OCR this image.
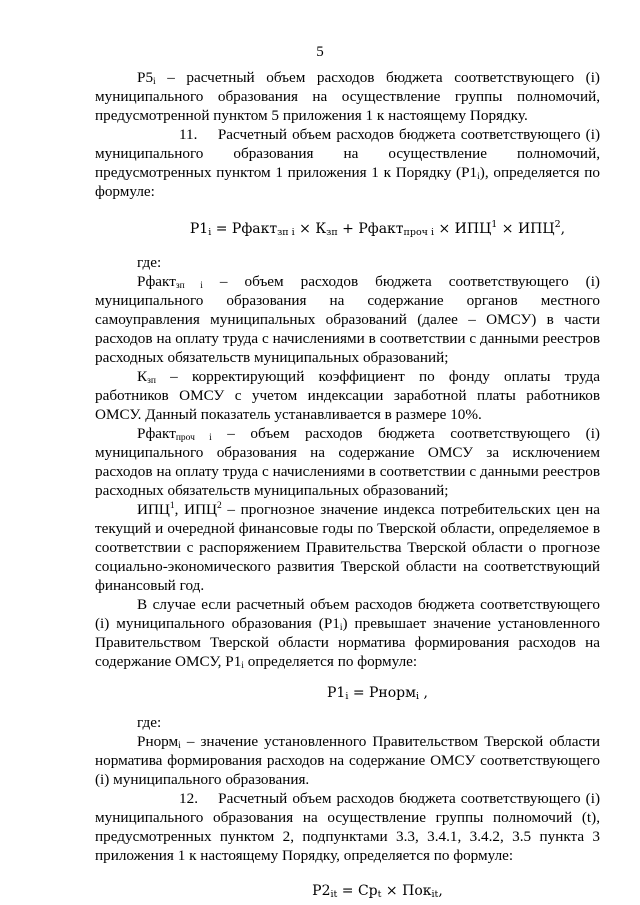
5

$Р5_i$ – расчетный объем расходов бюджета соответствующего (i) муниципального образования на осуществление группы полномочий, предусмотренной пунктом 5 приложения 1 к настоящему Порядку.

11. Расчетный объем расходов бюджета соответствующего (i) муниципального образования на осуществление полномочий, предусмотренных пунктом 1 приложения 1 к Порядку $(Р1_i)$, определяется по формуле:

$Р1_i$ = Рфакт$_{зп i}$ × $К_{зп}$ + Рфакт$_{проч i}$ × $ИПЦ^1 \times ИПЦ^2$,

где:

Рфакт$_{зп i}$ – объем расходов бюджета соответствующего (i) муниципального образования на содержание органов местного самоуправления муниципальных образований (далее – ОМСУ) в части расходов на оплату труда с начислениями в соответствии с данными реестров расходных обязательств муниципальных образований;

$К_{зп}$ – корректирующий коэффициент по фонду оплаты труда работников ОМСУ с учетом индексации заработной платы работников ОМСУ. Данный показатель устанавливается в размере 10%.

Рфакт$_{проч i}$ – объем расходов бюджета соответствующего (i) муниципального образования на содержание ОМСУ за исключением расходов на оплату труда с начислениями в соответствии с данными реестров расходных обязательств муниципальных образований;

ИПЦ$^1$, ИПЦ$^2$ – прогнозное значение индекса потребительских цен на текущий и очередной финансовые годы по Тверской области, определяемое в соответствии с распоряжением Правительства Тверской области о прогнозе социально-экономического развития Тверской области на соответствующий финансовый год.

В случае если расчетный объем расходов бюджета соответствующего (i) муниципального образования $(Р1_i)$ превышает значение установленного Правительством Тверской области норматива формирования расходов на содержание ОМСУ, $Р1_i$ определяется по формуле:

$Р1_i$ = Рнорм$_i$ ,

где:

Рнорм$_i$ – значение установленного Правительством Тверской области норматива формирования расходов на содержание ОМСУ соответствующего (i) муниципального образования.

12. Расчетный объем расходов бюджета соответствующего (i) муниципального образования на осуществление группы полномочий (t), предусмотренных пунктом 2, подпунктами 3.3, 3.4.1, 3.4.2, 3.5 пункта 3 приложения 1 к настоящему Порядку, определяется по формуле:

$Р2_{it} = Ср_t \times Пок_{it}$,
